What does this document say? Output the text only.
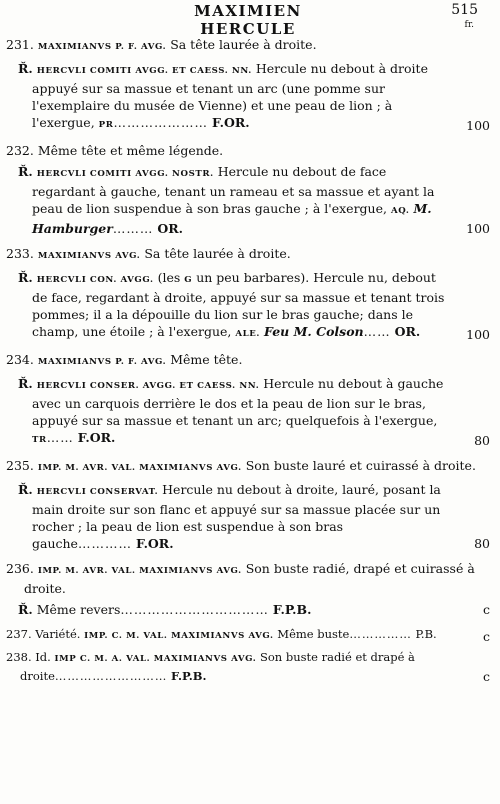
MAXIMIEN HERCULE
515
fr.

231. MAXIMIANVS P. F. AVG. Sa tête laurée à droite.

Ř. HERCVLI COMITI AVGG. ET CAESS. NN. Hercule nu debout à droite appuyé sur sa massue et tenant un arc (une pomme sur l'exemplaire du musée de Vienne) et une peau de lion ; à l'exergue, PR………………… F.OR.	100

232. Même tête et même légende.

Ř. HERCVLI COMITI AVGG. NOSTR. Hercule nu debout de face regardant à gauche, tenant un rameau et sa massue et ayant la peau de lion suspendue à son bras gauche ; à l'exergue, AQ. M. Hamburger……… OR.	100

233. MAXIMIANVS AVG. Sa tête laurée à droite.

Ř. HERCVLI CON. AVGG. (les G un peu barbares). Hercule nu, debout de face, regardant à droite, appuyé sur sa massue et tenant trois pommes; il a la dépouille du lion sur le bras gauche; dans le champ, une étoile ; à l'exergue, ALE. Feu M. Colson…… OR.	100

234. MAXIMIANVS P. F. AVG. Même tête.

Ř. HERCVLI CONSER. AVGG. ET CAESS. NN. Hercule nu debout à gauche avec un carquois derrière le dos et la peau de lion sur le bras, appuyé sur sa massue et tenant un arc; quelquefois à l'exergue, TR…… F.OR.	80

235. IMP. M. AVR. VAL. MAXIMIANVS AVG. Son buste lauré et cuirassé à droite.

Ř. HERCVLI CONSERVAT. Hercule nu debout à droite, lauré, posant la main droite sur son flanc et appuyé sur sa massue placée sur un rocher ; la peau de lion est suspendue à son bras gauche………… F.OR.	80

236. IMP. M. AVR. VAL. MAXIMIANVS AVG. Son buste radié, drapé et cuirassé à droite.

Ř. Même revers…………………………… F.P.B.	c

237. Variété. IMP. C. M. VAL. MAXIMIANVS AVG. Même buste…………… P.B.	c

238. Id. IMP C. M. A. VAL. MAXIMIANVS AVG. Son buste radié et drapé à droite……………………… F.P.B.	c
